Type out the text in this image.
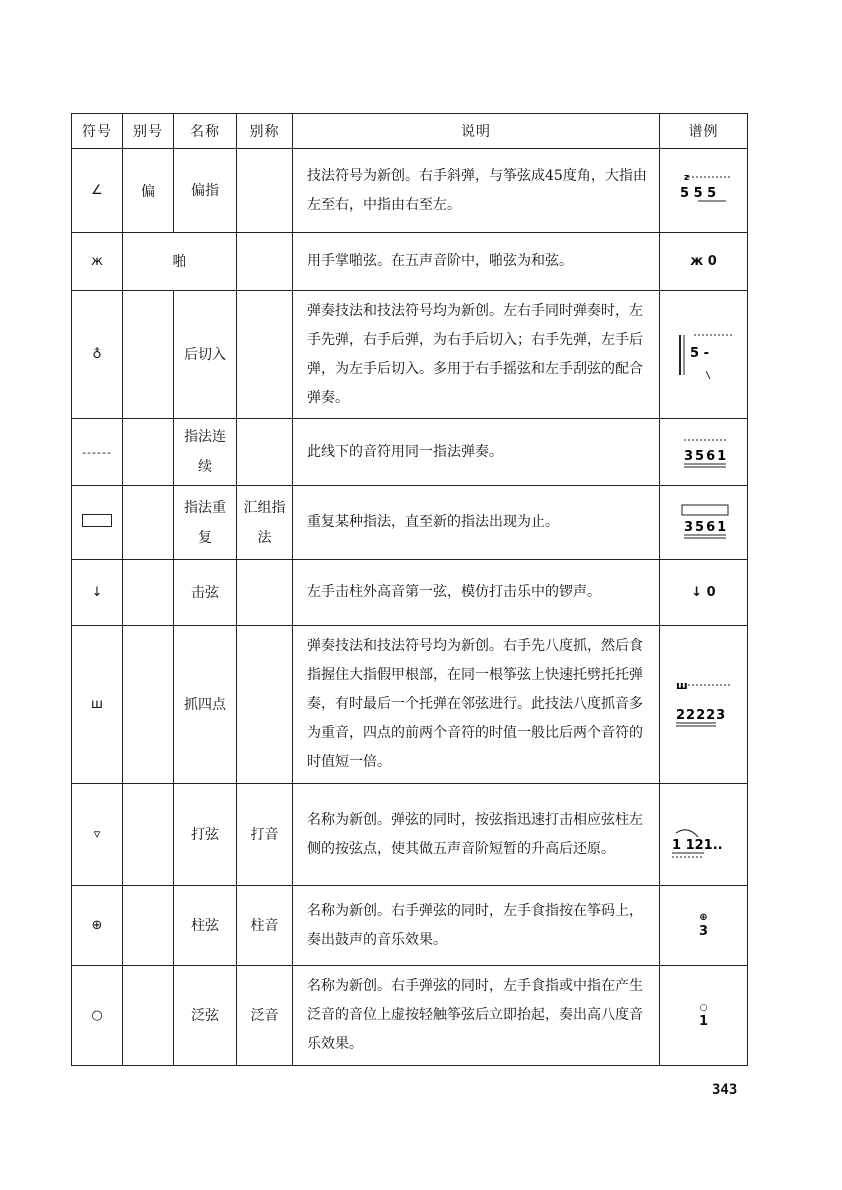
符号	别号	名称	别称	说明	谱例
∠	偏	偏指		技法符号为新创。右手斜弹，与筝弦成45度角，大指由左至右，中指由右至左。	z
5 5 5

ж	啪			用手掌啪弦。在五声音阶中，啪弦为和弦。	ж 0
♁		后切入		弹奏技法和技法符号均为新创。左右手同时弹奏时，左手先弹，右手后弹，为右手后切入；右手先弹，左手后弹，为左手后切入。多用于右手摇弦和左手刮弦的配合弹奏。	5 -

------		指法连续		此线下的音符用同一指法弹奏。	3561

		指法重复	汇组指法	重复某种指法，直至新的指法出现为止。	3561

↓		击弦		左手击柱外高音第一弦，模仿打击乐中的锣声。	↓ 0
ш		抓四点		弹奏技法和技法符号均为新创。右手先八度抓，然后食指握住大指假甲根部，在同一根筝弦上快速托劈托托弹奏，有时最后一个托弹在邻弦进行。此技法八度抓音多为重音，四点的前两个音符的时值一般比后两个音符的时值短一倍。	ш
22223

▿		打弦	打音	名称为新创。弹弦的同时，按弦指迅速打击相应弦柱左侧的按弦点，使其做五声音阶短暂的升高后还原。	1 121..

⊕		柱弦	柱音	名称为新创。右手弹弦的同时，左手食指按在筝码上，奏出鼓声的音乐效果。	⊕
3

○		泛弦	泛音	名称为新创。右手弹弦的同时，左手食指或中指在产生泛音的音位上虚按轻触筝弦后立即抬起，奏出高八度音乐效果。	○
1
343
